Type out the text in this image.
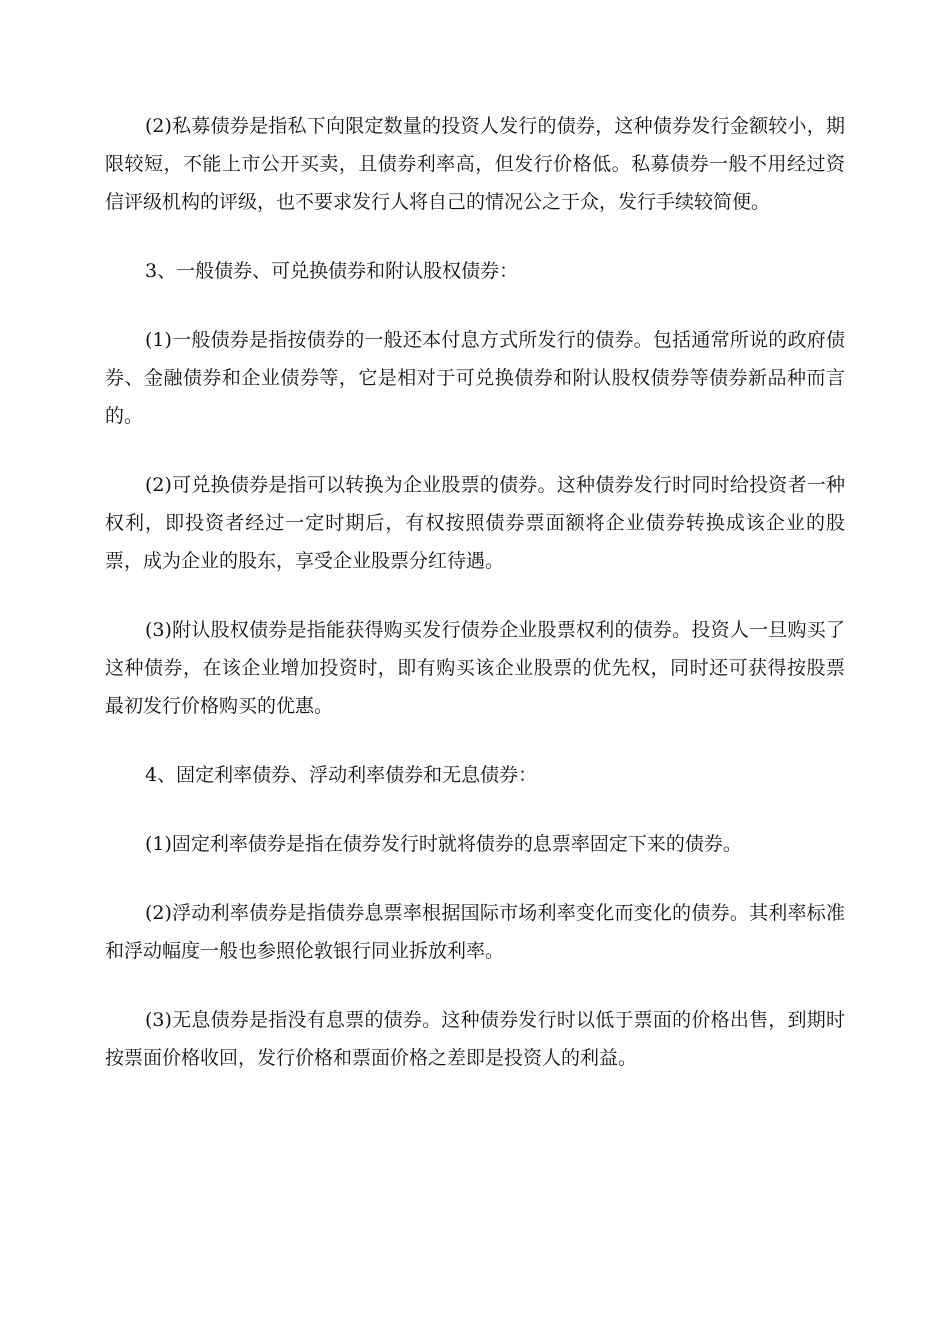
(2)私募债券是指私下向限定数量的投资人发行的债券，这种债券发行金额较小，期限较短，不能上市公开买卖，且债券利率高，但发行价格低。私募债券一般不用经过资信评级机构的评级，也不要求发行人将自己的情况公之于众，发行手续较简便。

3、一般债券、可兑换债券和附认股权债券：

(1)一般债券是指按债券的一般还本付息方式所发行的债券。包括通常所说的政府债券、金融债券和企业债券等，它是相对于可兑换债券和附认股权债券等债券新品种而言的。

(2)可兑换债券是指可以转换为企业股票的债券。这种债券发行时同时给投资者一种权利，即投资者经过一定时期后，有权按照债券票面额将企业债券转换成该企业的股票，成为企业的股东，享受企业股票分红待遇。

(3)附认股权债券是指能获得购买发行债券企业股票权利的债券。投资人一旦购买了这种债券，在该企业增加投资时，即有购买该企业股票的优先权，同时还可获得按股票最初发行价格购买的优惠。

4、固定利率债券、浮动利率债券和无息债券：

(1)固定利率债券是指在债券发行时就将债券的息票率固定下来的债券。

(2)浮动利率债券是指债券息票率根据国际市场利率变化而变化的债券。其利率标准和浮动幅度一般也参照伦敦银行同业拆放利率。

(3)无息债券是指没有息票的债券。这种债券发行时以低于票面的价格出售，到期时按票面价格收回，发行价格和票面价格之差即是投资人的利益。
